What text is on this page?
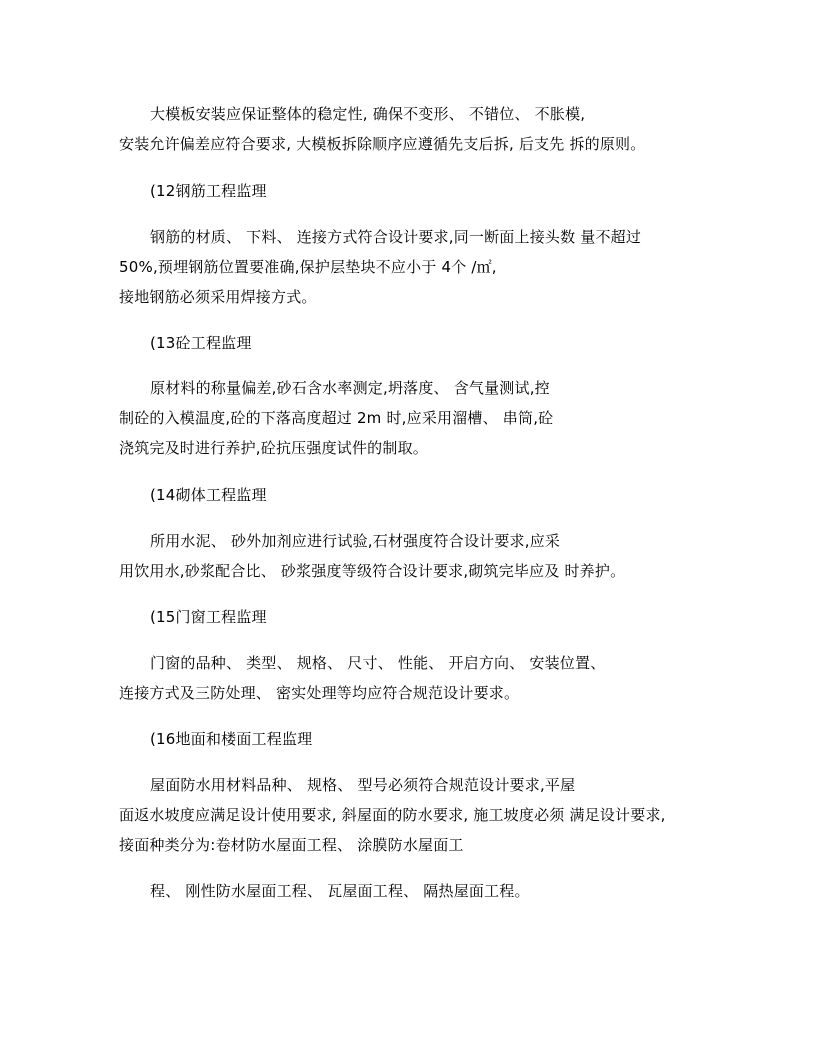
大模板安装应保证整体的稳定性, 确保不变形、 不错位、 不胀模,
安装允许偏差应符合要求, 大模板拆除顺序应遵循先支后拆, 后支先 拆的原则。
(12钢筋工程监理
钢筋的材质、 下料、 连接方式符合设计要求,同一断面上接头数 量不超过
50%,预埋钢筋位置要准确,保护层垫块不应小于 4个 /㎡,
接地钢筋必须采用焊接方式。
(13砼工程监理
原材料的称量偏差,砂石含水率测定,坍落度、 含气量测试,控
制砼的入模温度,砼的下落高度超过 2m 时,应采用溜槽、 串筒,砼
浇筑完及时进行养护,砼抗压强度试件的制取。
(14砌体工程监理
所用水泥、 砂外加剂应进行试验,石材强度符合设计要求,应采
用饮用水,砂浆配合比、 砂浆强度等级符合设计要求,砌筑完毕应及 时养护。
(15门窗工程监理
门窗的品种、 类型、 规格、 尺寸、 性能、 开启方向、 安装位置、
连接方式及三防处理、 密实处理等均应符合规范设计要求。
(16地面和楼面工程监理
屋面防水用材料品种、 规格、 型号必须符合规范设计要求,平屋
面返水坡度应满足设计使用要求, 斜屋面的防水要求, 施工坡度必须 满足设计要求,
接面种类分为:卷材防水屋面工程、 涂膜防水屋面工
程、 刚性防水屋面工程、 瓦屋面工程、 隔热屋面工程。
